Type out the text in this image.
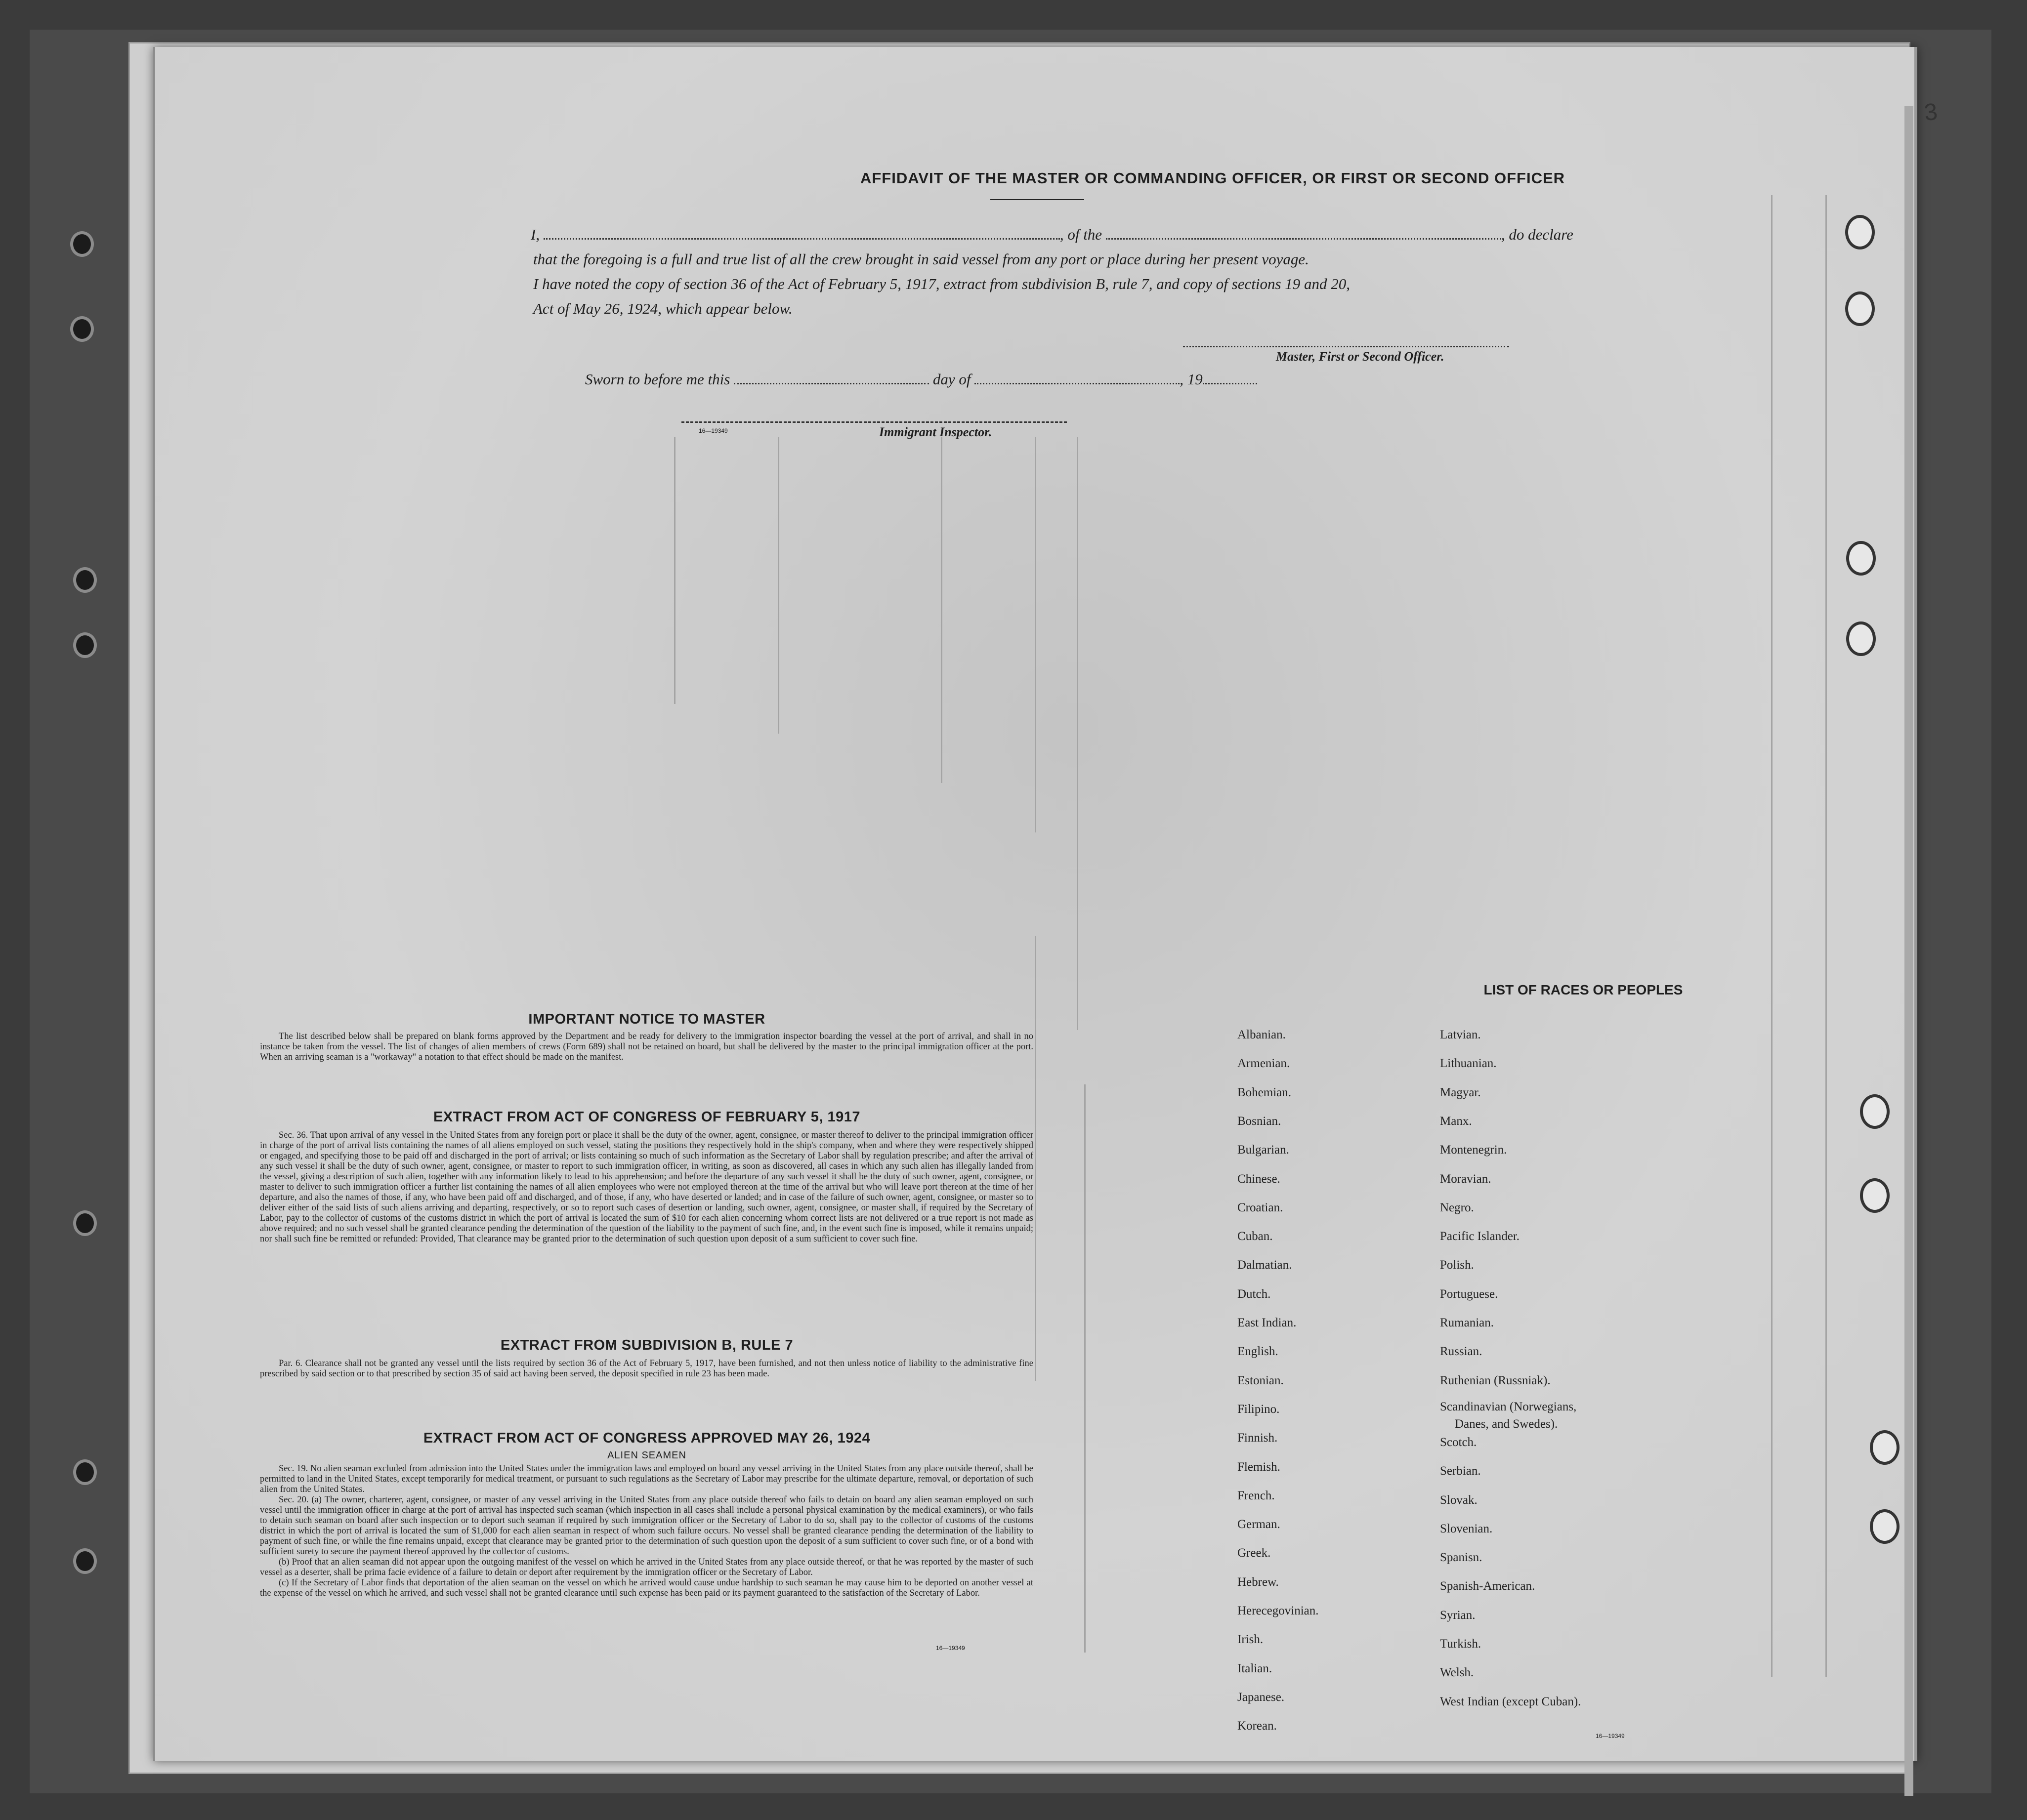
AFFIDAVIT OF THE MASTER OR COMMANDING OFFICER, OR FIRST OR SECOND OFFICER
I,	, of the	, do declare
that the foregoing is a full and true list of all the crew brought in said vessel from any port or place during her present voyage.
I have noted the copy of section 36 of the Act of February 5, 1917, extract from subdivision B, rule 7, and copy of sections 19 and 20,
Act of May 26, 1924, which appear below.
Master, First or Second Officer.
Sworn to before me this	day of	, 19
16—19349	Immigrant Inspector.
IMPORTANT NOTICE TO MASTER

The list described below shall be prepared on blank forms approved by the Department and be ready for delivery to the immigration inspector boarding the vessel at the port of arrival, and shall in no instance be taken from the vessel. The list of changes of alien members of crews (Form 689) shall not be retained on board, but shall be delivered by the master to the principal immigration officer at the port. When an arriving seaman is a "workaway" a notation to that effect should be made on the manifest.

EXTRACT FROM ACT OF CONGRESS OF FEBRUARY 5, 1917

Sec. 36. That upon arrival of any vessel in the United States from any foreign port or place it shall be the duty of the owner, agent, consignee, or master thereof to deliver to the principal immigration officer in charge of the port of arrival lists containing the names of all aliens employed on such vessel, stating the positions they respectively hold in the ship's company, when and where they were respectively shipped or engaged, and specifying those to be paid off and discharged in the port of arrival; or lists containing so much of such information as the Secretary of Labor shall by regulation prescribe; and after the arrival of any such vessel it shall be the duty of such owner, agent, consignee, or master to report to such immigration officer, in writing, as soon as discovered, all cases in which any such alien has illegally landed from the vessel, giving a description of such alien, together with any information likely to lead to his apprehension; and before the departure of any such vessel it shall be the duty of such owner, agent, consignee, or master to deliver to such immigration officer a further list containing the names of all alien employees who were not employed thereon at the time of the arrival but who will leave port thereon at the time of her departure, and also the names of those, if any, who have been paid off and discharged, and of those, if any, who have deserted or landed; and in case of the failure of such owner, agent, consignee, or master so to deliver either of the said lists of such aliens arriving and departing, respectively, or so to report such cases of desertion or landing, such owner, agent, consignee, or master shall, if required by the Secretary of Labor, pay to the collector of customs of the customs district in which the port of arrival is located the sum of $10 for each alien concerning whom correct lists are not delivered or a true report is not made as above required; and no such vessel shall be granted clearance pending the determination of the question of the liability to the payment of such fine, and, in the event such fine is imposed, while it remains unpaid; nor shall such fine be remitted or refunded: Provided, That clearance may be granted prior to the determination of such question upon deposit of a sum sufficient to cover such fine.

EXTRACT FROM SUBDIVISION B, RULE 7

Par. 6. Clearance shall not be granted any vessel until the lists required by section 36 of the Act of February 5, 1917, have been furnished, and not then unless notice of liability to the administrative fine prescribed by said section or to that prescribed by section 35 of said act having been served, the deposit specified in rule 23 has been made.

EXTRACT FROM ACT OF CONGRESS APPROVED MAY 26, 1924
ALIEN SEAMEN

Sec. 19. No alien seaman excluded from admission into the United States under the immigration laws and employed on board any vessel arriving in the United States from any place outside thereof, shall be permitted to land in the United States, except temporarily for medical treatment, or pursuant to such regulations as the Secretary of Labor may prescribe for the ultimate departure, removal, or deportation of such alien from the United States.

Sec. 20. (a) The owner, charterer, agent, consignee, or master of any vessel arriving in the United States from any place outside thereof who fails to detain on board any alien seaman employed on such vessel until the immigration officer in charge at the port of arrival has inspected such seaman (which inspection in all cases shall include a personal physical examination by the medical examiners), or who fails to detain such seaman on board after such inspection or to deport such seaman if required by such immigration officer or the Secretary of Labor to do so, shall pay to the collector of customs of the customs district in which the port of arrival is located the sum of $1,000 for each alien seaman in respect of whom such failure occurs. No vessel shall be granted clearance pending the determination of the liability to payment of such fine, or while the fine remains unpaid, except that clearance may be granted prior to the determination of such question upon the deposit of a sum sufficient to cover such fine, or of a bond with sufficient surety to secure the payment thereof approved by the collector of customs.

(b) Proof that an alien seaman did not appear upon the outgoing manifest of the vessel on which he arrived in the United States from any place outside thereof, or that he was reported by the master of such vessel as a deserter, shall be prima facie evidence of a failure to detain or deport after requirement by the immigration officer or the Secretary of Labor.

(c) If the Secretary of Labor finds that deportation of the alien seaman on the vessel on which he arrived would cause undue hardship to such seaman he may cause him to be deported on another vessel at the expense of the vessel on which he arrived, and such vessel shall not be granted clearance until such expense has been paid or its payment guaranteed to the satisfaction of the Secretary of Labor.

16—19349
LIST OF RACES OR PEOPLES
16—19349
3
Albanian.
Armenian.
Bohemian.
Bosnian.
Bulgarian.
Chinese.
Croatian.
Cuban.
Dalmatian.
Dutch.
East Indian.
English.
Estonian.
Filipino.
Finnish.
Flemish.
French.
German.
Greek.
Hebrew.
Herecegovinian.
Irish.
Italian.
Japanese.
Korean.
Latvian.
Lithuanian.
Magyar.
Manx.
Montenegrin.
Moravian.
Negro.
Pacific Islander.
Polish.
Portuguese.
Rumanian.
Russian.
Ruthenian (Russniak).
Scandinavian (Norwegians,
Danes, and Swedes).
Scotch.
Serbian.
Slovak.
Slovenian.
Spanisn.
Spanish-American.
Syrian.
Turkish.
Welsh.
West Indian (except Cuban).
